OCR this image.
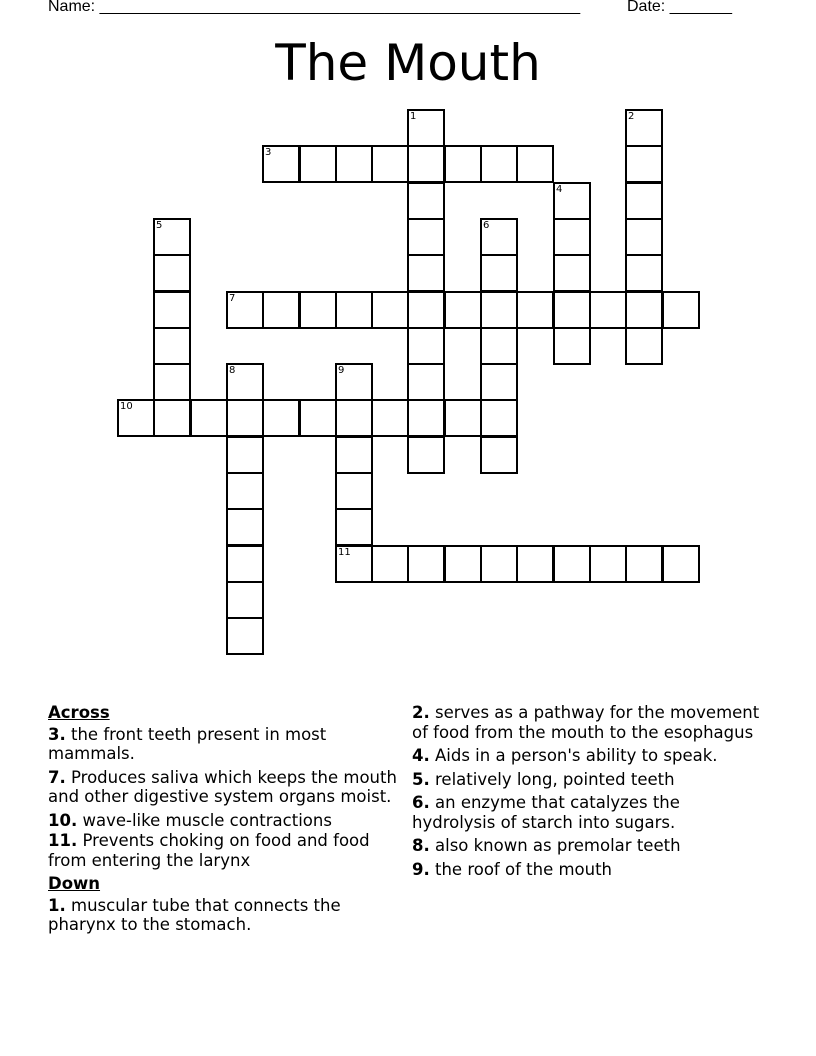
Name: ______________________________________________________	Date: _______
The Mouth
1	2
3
4
5	6
7
8	9
11
10
Across
3. the front teeth present in most mammals.
7. Produces saliva which keeps the mouth and other digestive system organs moist.
10. wave-like muscle contractions
11. Prevents choking on food and food from entering the larynx
Down
1. muscular tube that connects the pharynx to the stomach.
2. serves as a pathway for the movement of food from the mouth to the esophagus
4. Aids in a person's ability to speak.
5. relatively long, pointed teeth
6. an enzyme that catalyzes the hydrolysis of starch into sugars.
8. also known as premolar teeth
9. the roof of the mouth
